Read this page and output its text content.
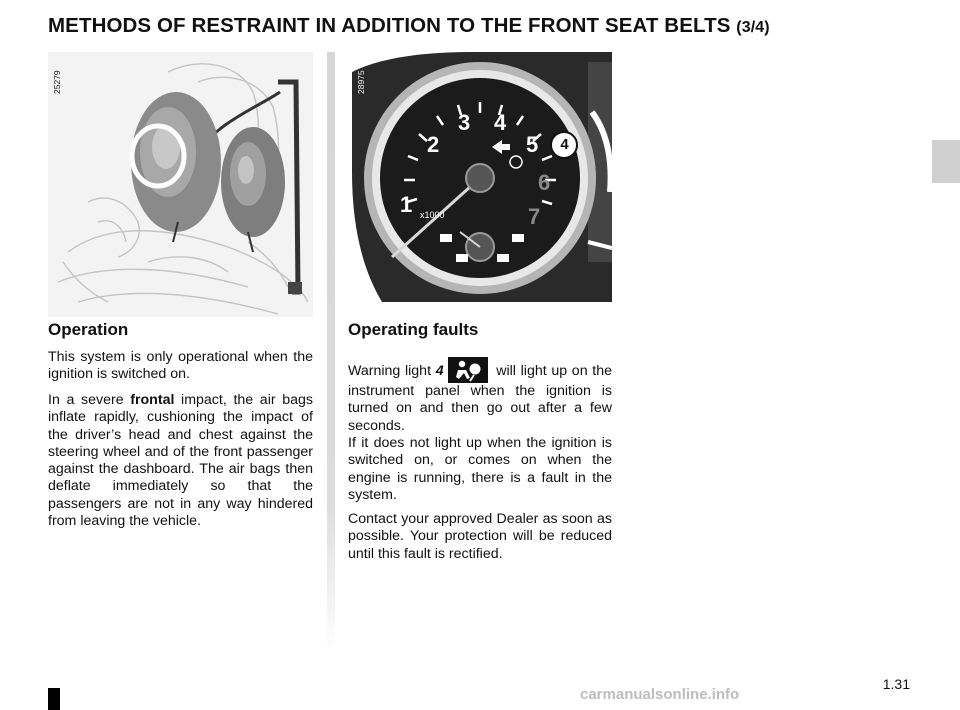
METHODS OF RESTRAINT IN ADDITION TO THE FRONT SEAT BELTS (3/4)
25279	28975
1
2
3 4
5
6
7
x1000
4
Operation

This system is only operational when the ignition is switched on.

In a severe frontal impact, the air bags inflate rapidly, cushioning the impact of the driver’s head and chest against the steering wheel and of the front passenger against the dashboard. The air bags then deflate immediately so that the passengers are not in any way hindered from leaving the vehicle.

Operating faults

Warning light 4	will light up on the instrument panel when the ignition is turned on and then go out after a few seconds.

If it does not light up when the ignition is switched on, or comes on when the engine is running, there is a fault in the system.

Contact your approved Dealer as soon as possible. Your protection will be reduced until this fault is rectified.

1.31
carmanualsonline.info
